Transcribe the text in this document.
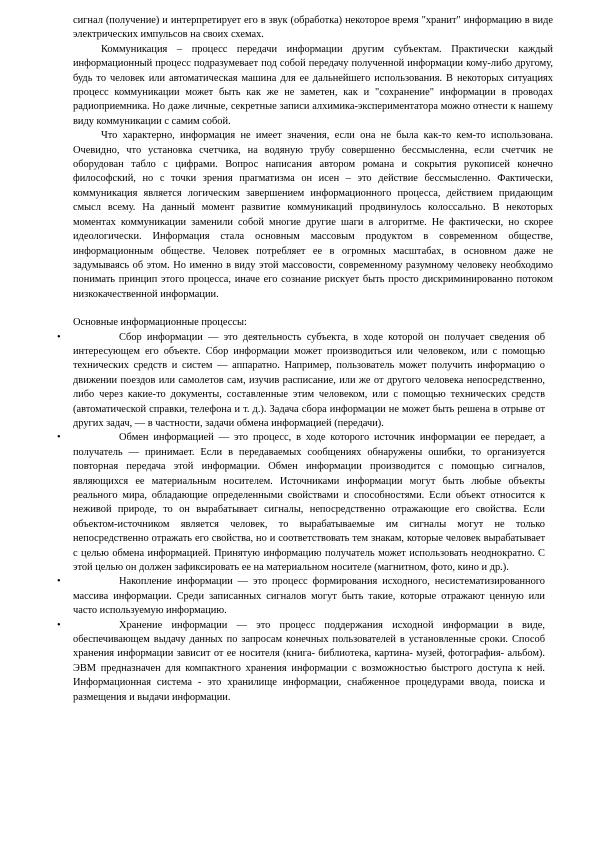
сигнал (получение) и интерпретирует его в звук (обработка) некоторое время "хранит" информацию в виде электрических импульсов на своих схемах.

Коммуникация – процесс передачи информации другим субъектам. Практически каждый информационный процесс подразумевает под собой передачу полученной информации кому-либо другому, будь то человек или автоматическая машина для ее дальнейшего использования. В некоторых ситуациях процесс коммуникации может быть как же не заметен, как и "сохранение" информации в проводах радиоприемника. Но даже личные, секретные записи алхимика-экспериментатора можно отнести к нашему виду коммуникации с самим собой.

Что характерно, информация не имеет значения, если она не была как-то кем-то использована. Очевидно, что установка счетчика, на водяную трубу совершенно бессмысленна, если счетчик не оборудован табло с цифрами. Вопрос написания автором романа и сокрытия рукописей конечно философский, но с точки зрения прагматизма он исен – это действие бессмысленно. Фактически, коммуникация является логическим завершением информационного процесса, действием придающим смысл всему. На данный момент развитие коммуникаций продвинулось колоссально. В некоторых моментах коммуникации заменили собой многие другие шаги в алгоритме. Не фактически, но скорее идеологически. Информация стала основным массовым продуктом в современном обществе, информационным обществе. Человек потребляет ее в огромных масштабах, в основном даже не задумываясь об этом. Но именно в виду этой массовости, современному разумному человеку необходимо понимать принцип этого процесса, иначе его сознание рискует быть просто дискриминированно потоком низкокачественной информации.

Основные информационные процессы:

•	Сбор информации — это деятельность субъекта, в ходе которой он получает сведения об интересующем его объекте. Сбор информации может производиться или человеком, или с помощью технических средств и систем — аппаратно. Например, пользователь может получить информацию о движении поездов или самолетов сам, изучив расписание, или же от другого человека непосредственно, либо через какие-то документы, составленные этим человеком, или с помощью технических средств (автоматической справки, телефона и т. д.). Задача сбора информации не может быть решена в отрыве от других задач, — в частности, задачи обмена информацией (передачи).
•	Обмен информацией — это процесс, в ходе которого источник информации ее передает, а получатель — принимает. Если в передаваемых сообщениях обнаружены ошибки, то организуется повторная передача этой информации. Обмен информации производится с помощью сигналов, являющихся ее материальным носителем. Источниками информации могут быть любые объекты реального мира, обладающие определенными свойствами и способностями. Если объект относится к неживой природе, то он вырабатывает сигналы, непосредственно отражающие его свойства. Если объектом-источником является человек, то вырабатываемые им сигналы могут не только непосредственно отражать его свойства, но и соответствовать тем знакам, которые человек вырабатывает с целью обмена информацией. Принятую информацию получатель может использовать неоднократно. С этой целью он должен зафиксировать ее на материальном носителе (магнитном, фото, кино и др.).
•	Накопление информации — это процесс формирования исходного, несистематизированного массива информации. Среди записанных сигналов могут быть такие, которые отражают ценную или часто используемую информацию.
•	Хранение информации — это процесс поддержания исходной информации в виде, обеспечивающем выдачу данных по запросам конечных пользователей в установленные сроки. Способ хранения информации зависит от ее носителя (книга- библиотека, картина- музей, фотография- альбом). ЭВМ предназначен для компактного хранения информации с возможностью быстрого доступа к ней. Информационная система - это хранилище информации, снабженное процедурами ввода, поиска и размещения и выдачи информации.
